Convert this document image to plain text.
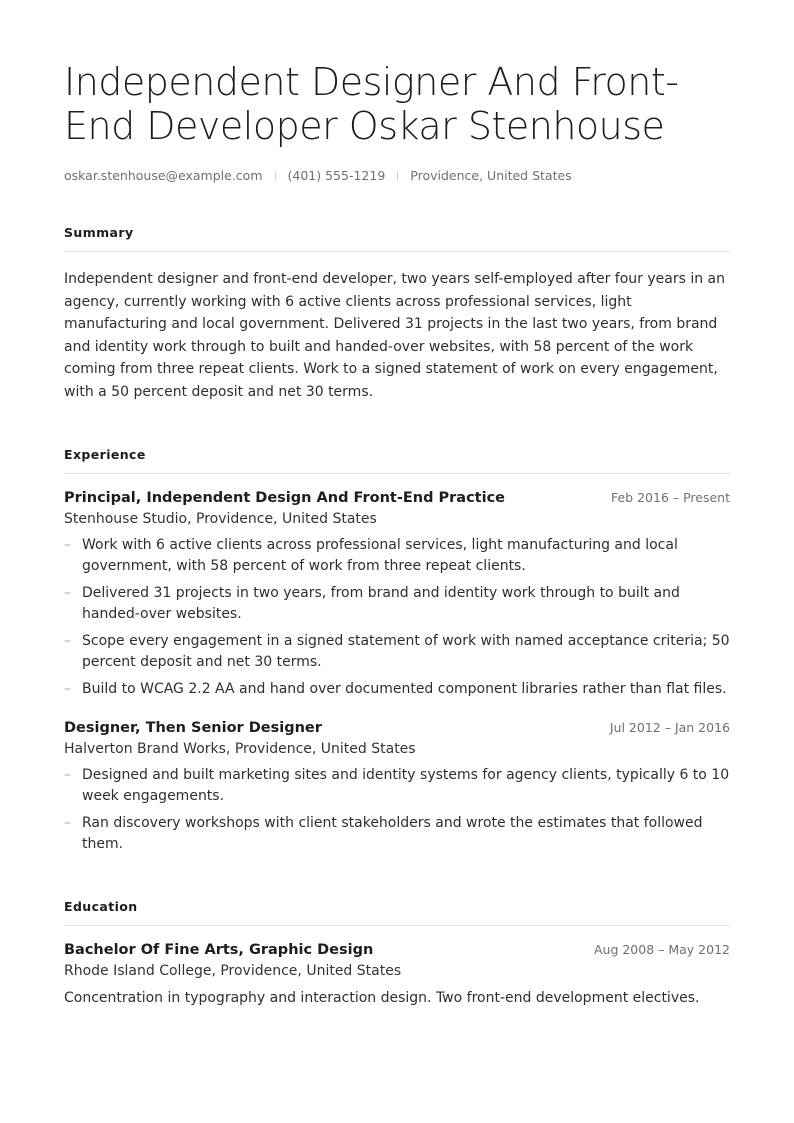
Independent Designer And Front-End Developer Oskar Stenhouse
oskar.stenhouse@example.com (401) 555-1219 Providence, United States
Summary

Independent designer and front-end developer, two years self-employed after four years in an agency, currently working with 6 active clients across professional services, light manufacturing and local government. Delivered 31 projects in the last two years, from brand and identity work through to built and handed-over websites, with 58 percent of the work coming from three repeat clients. Work to a signed statement of work on every engagement, with a 50 percent deposit and net 30 terms.

Experience
Principal, Independent Design And Front-End Practice	Feb 2016 – Present
Stenhouse Studio, Providence, United States
– Work with 6 active clients across professional services, light manufacturing and local government, with 58 percent of work from three repeat clients.
– Delivered 31 projects in two years, from brand and identity work through to built and handed-over websites.
– Scope every engagement in a signed statement of work with named acceptance criteria; 50 percent deposit and net 30 terms.
– Build to WCAG 2.2 AA and hand over documented component libraries rather than flat files.
Designer, Then Senior Designer	Jul 2012 – Jan 2016
Halverton Brand Works, Providence, United States
– Designed and built marketing sites and identity systems for agency clients, typically 6 to 10 week engagements.
– Ran discovery workshops with client stakeholders and wrote the estimates that followed them.
Education
Bachelor Of Fine Arts, Graphic Design	Aug 2008 – May 2012
Rhode Island College, Providence, United States

Concentration in typography and interaction design. Two front-end development electives.
